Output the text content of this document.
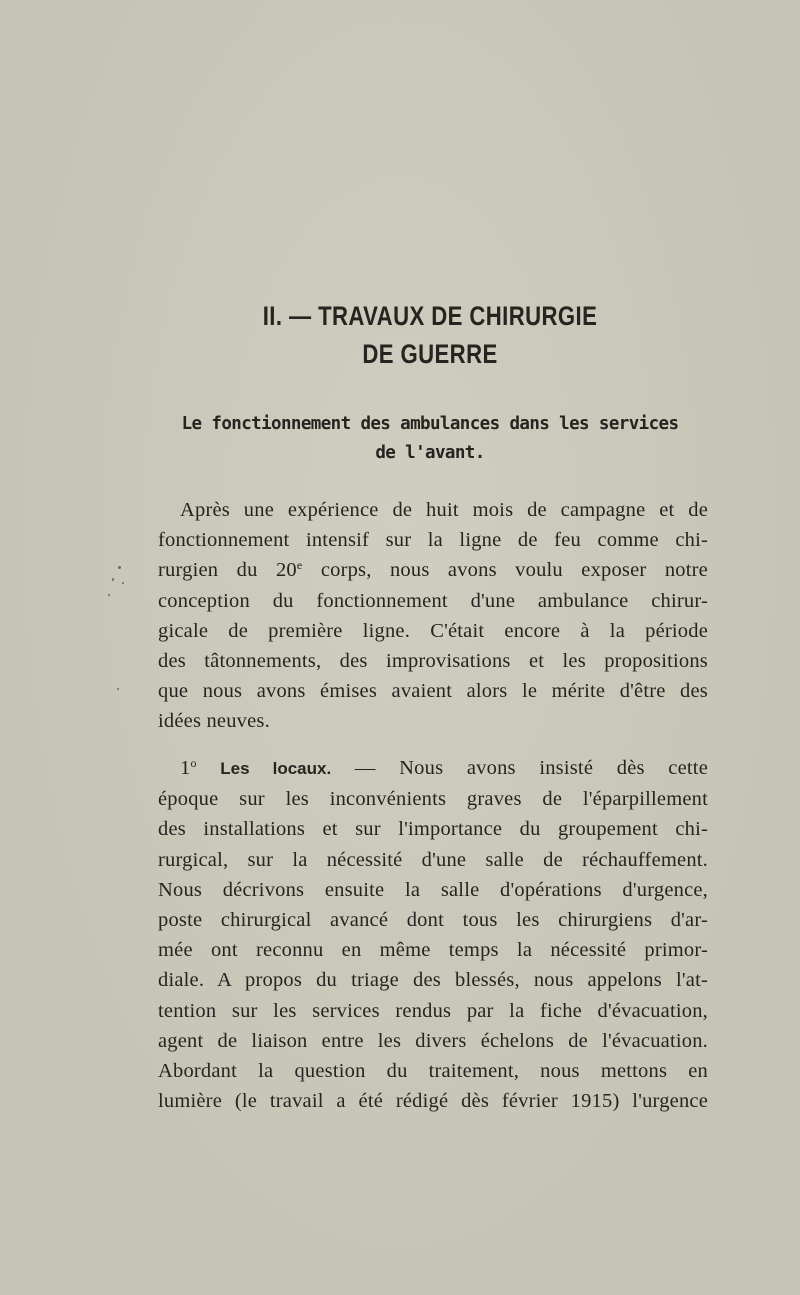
II. — TRAVAUX DE CHIRURGIE
DE GUERRE
Le fonctionnement des ambulances dans les services
de l'avant.
Après une expérience de huit mois de campagne et de
fonctionnement intensif sur la ligne de feu comme chi-
rurgien du 20e corps, nous avons voulu exposer notre
conception du fonctionnement d'une ambulance chirur-
gicale de première ligne. C'était encore à la période
des tâtonnements, des improvisations et les propositions
que nous avons émises avaient alors le mérite d'être des
idées neuves.
1$^o$ Les locaux. — Nous avons insisté dès cette
époque sur les inconvénients graves de l'éparpillement
des installations et sur l'importance du groupement chi-
rurgical, sur la nécessité d'une salle de réchauffement.
Nous décrivons ensuite la salle d'opérations d'urgence,
poste chirurgical avancé dont tous les chirurgiens d'ar-
mée ont reconnu en même temps la nécessité primor-
diale. A propos du triage des blessés, nous appelons l'at-
tention sur les services rendus par la fiche d'évacuation,
agent de liaison entre les divers échelons de l'évacuation.
Abordant la question du traitement, nous mettons en
lumière (le travail a été rédigé dès février 1915) l'urgence
